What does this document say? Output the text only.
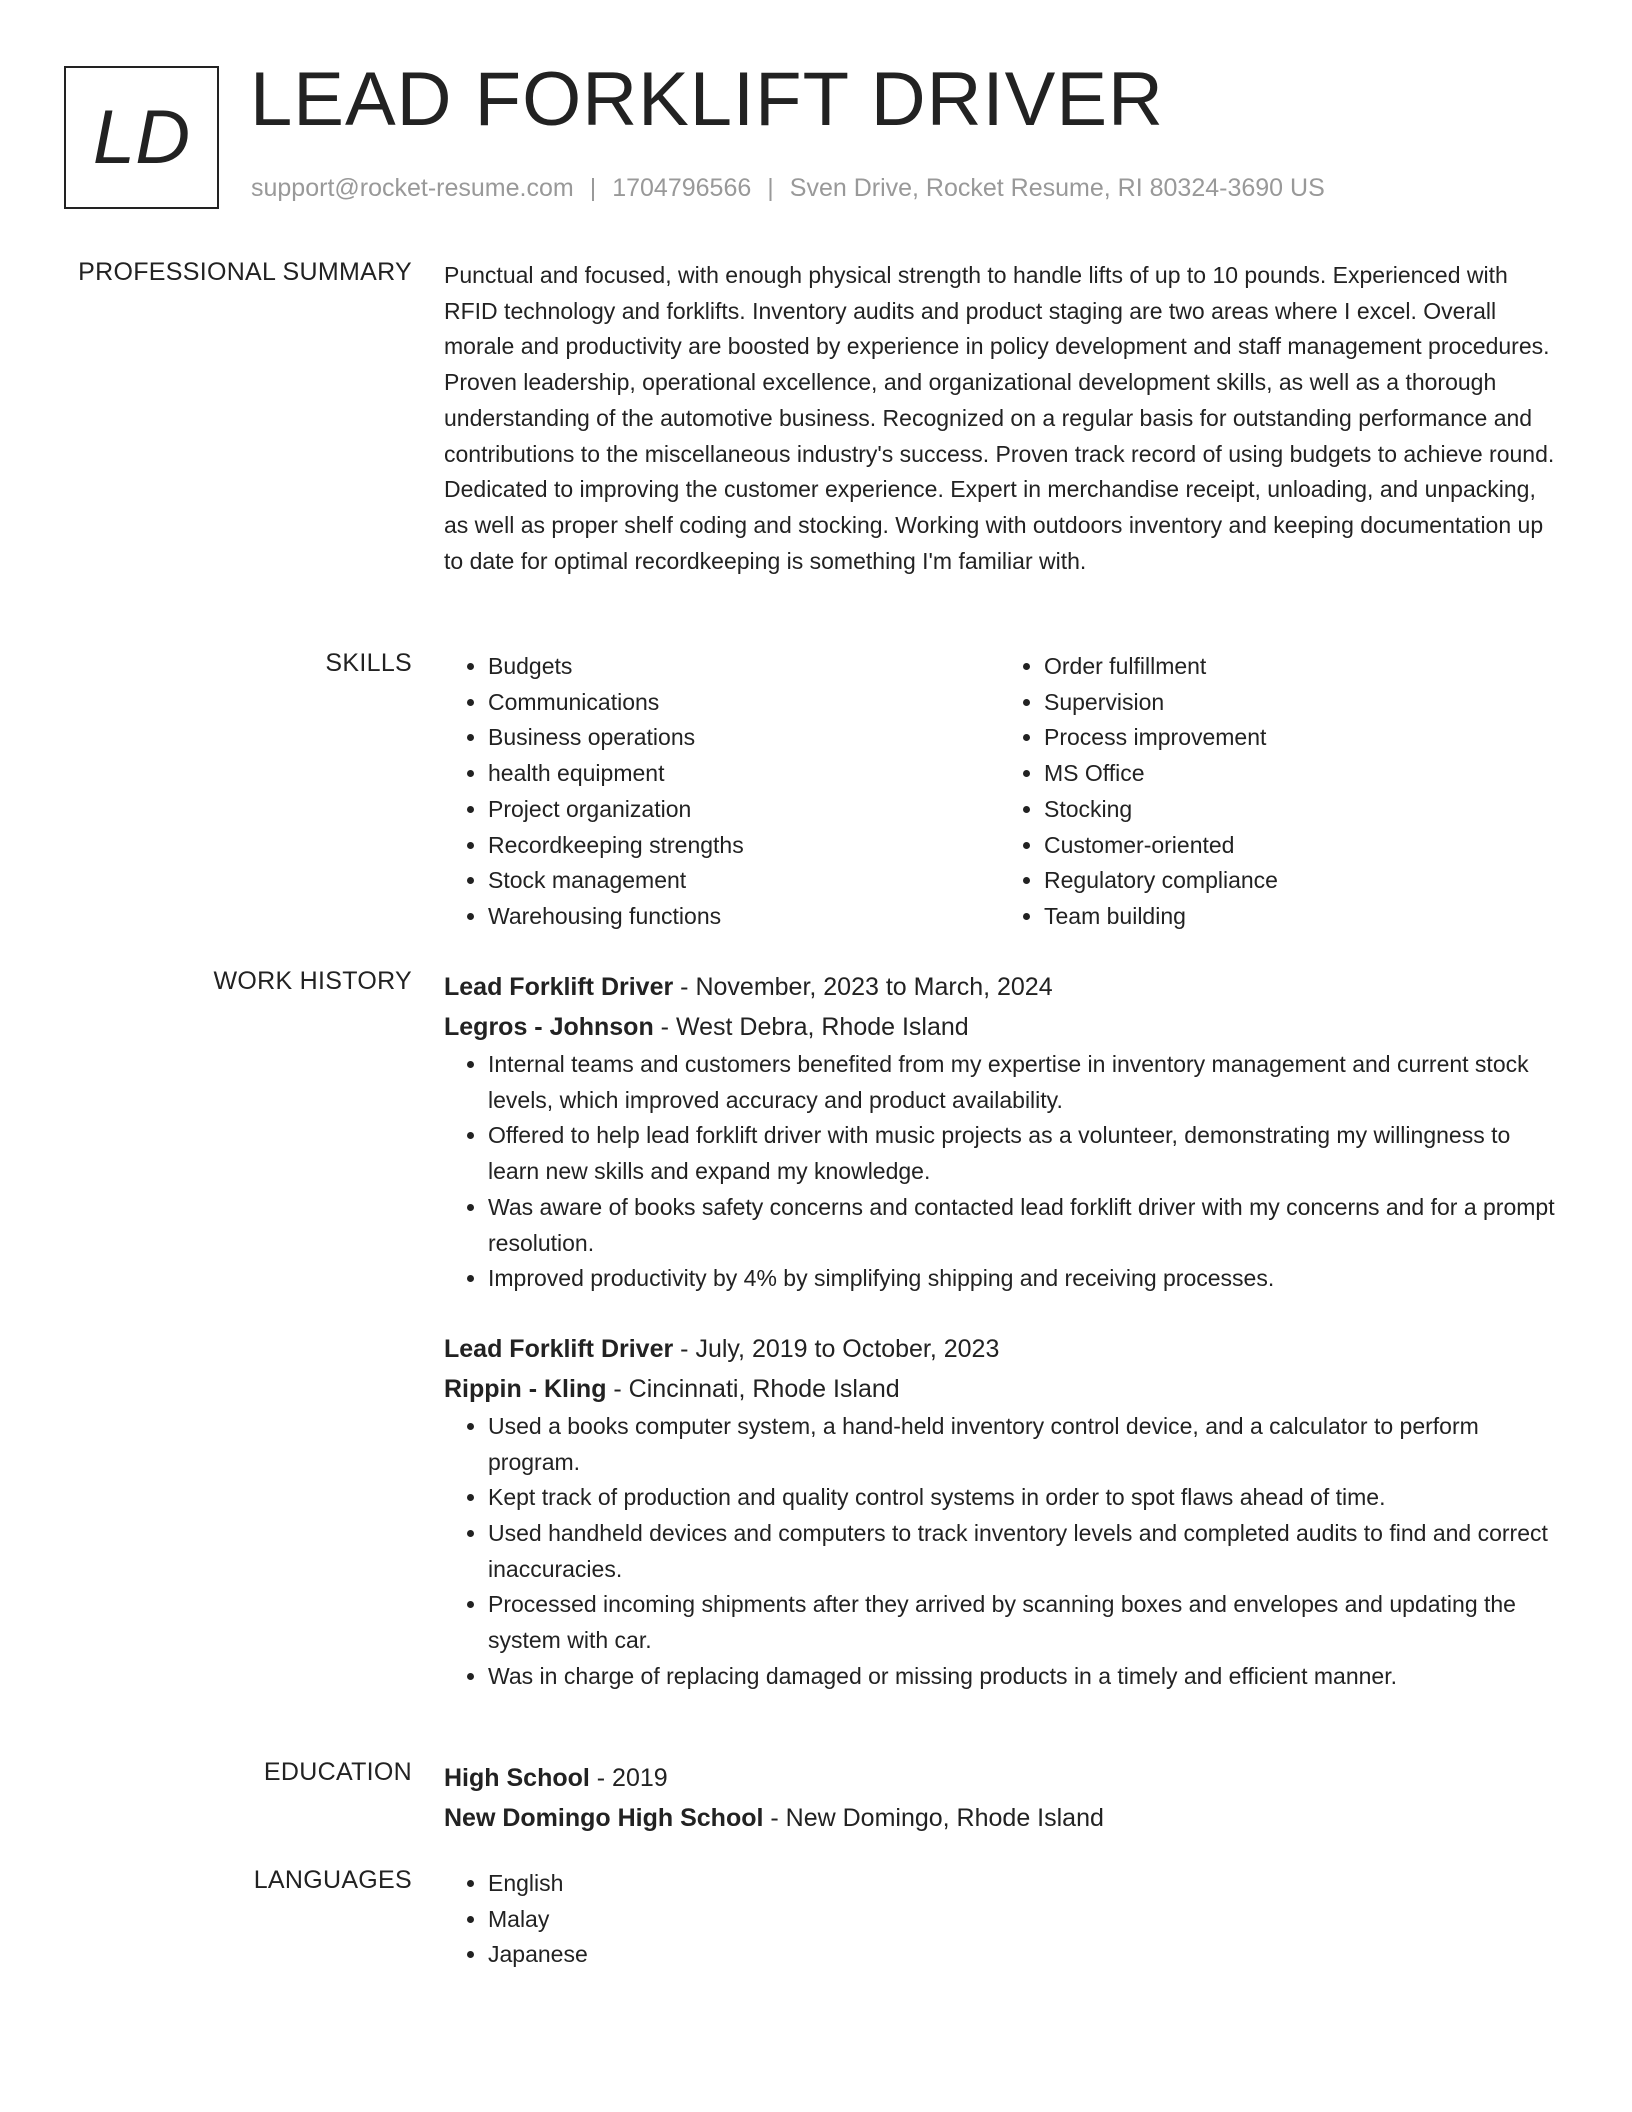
LD LEAD FORKLIFT DRIVER
support@rocket-resume.com | 1704796566 | Sven Drive, Rocket Resume, RI 80324-3690 US
PROFESSIONAL SUMMARY Punctual and focused, with enough physical strength to handle lifts of up to 10 pounds. Experienced with RFID technology and forklifts. Inventory audits and product staging are two areas where I excel. Overall morale and productivity are boosted by experience in policy development and staff management procedures. Proven leadership, operational excellence, and organizational development skills, as well as a thorough understanding of the automotive business. Recognized on a regular basis for outstanding performance and contributions to the miscellaneous industry's success. Proven track record of using budgets to achieve round. Dedicated to improving the customer experience. Expert in merchandise receipt, unloading, and unpacking, as well as proper shelf coding and stocking. Working with outdoors inventory and keeping documentation up to date for optimal recordkeeping is something I'm familiar with.
SKILLS	• Budgets
• Communications
• Business operations
• health equipment
• Project organization
• Recordkeeping strengths
• Stock management
• Warehousing functions
• Order fulfillment
• Supervision
• Process improvement
• MS Office
• Stocking
• Customer-oriented
• Regulatory compliance
• Team building
WORK HISTORY Lead Forklift Driver - November, 2023 to March, 2024
Legros - Johnson - West Debra, Rhode Island
• Internal teams and customers benefited from my expertise in inventory management and current stock levels, which improved accuracy and product availability.
• Offered to help lead forklift driver with music projects as a volunteer, demonstrating my willingness to learn new skills and expand my knowledge.
• Was aware of books safety concerns and contacted lead forklift driver with my concerns and for a prompt resolution.
• Improved productivity by 4% by simplifying shipping and receiving processes.
Lead Forklift Driver - July, 2019 to October, 2023
Rippin - Kling - Cincinnati, Rhode Island
• Used a books computer system, a hand-held inventory control device, and a calculator to perform program.
• Kept track of production and quality control systems in order to spot flaws ahead of time.
• Used handheld devices and computers to track inventory levels and completed audits to find and correct inaccuracies.
• Processed incoming shipments after they arrived by scanning boxes and envelopes and updating the system with car.
• Was in charge of replacing damaged or missing products in a timely and efficient manner.
EDUCATION High School - 2019
New Domingo High School - New Domingo, Rhode Island
LANGUAGES	• English
• Malay
• Japanese
